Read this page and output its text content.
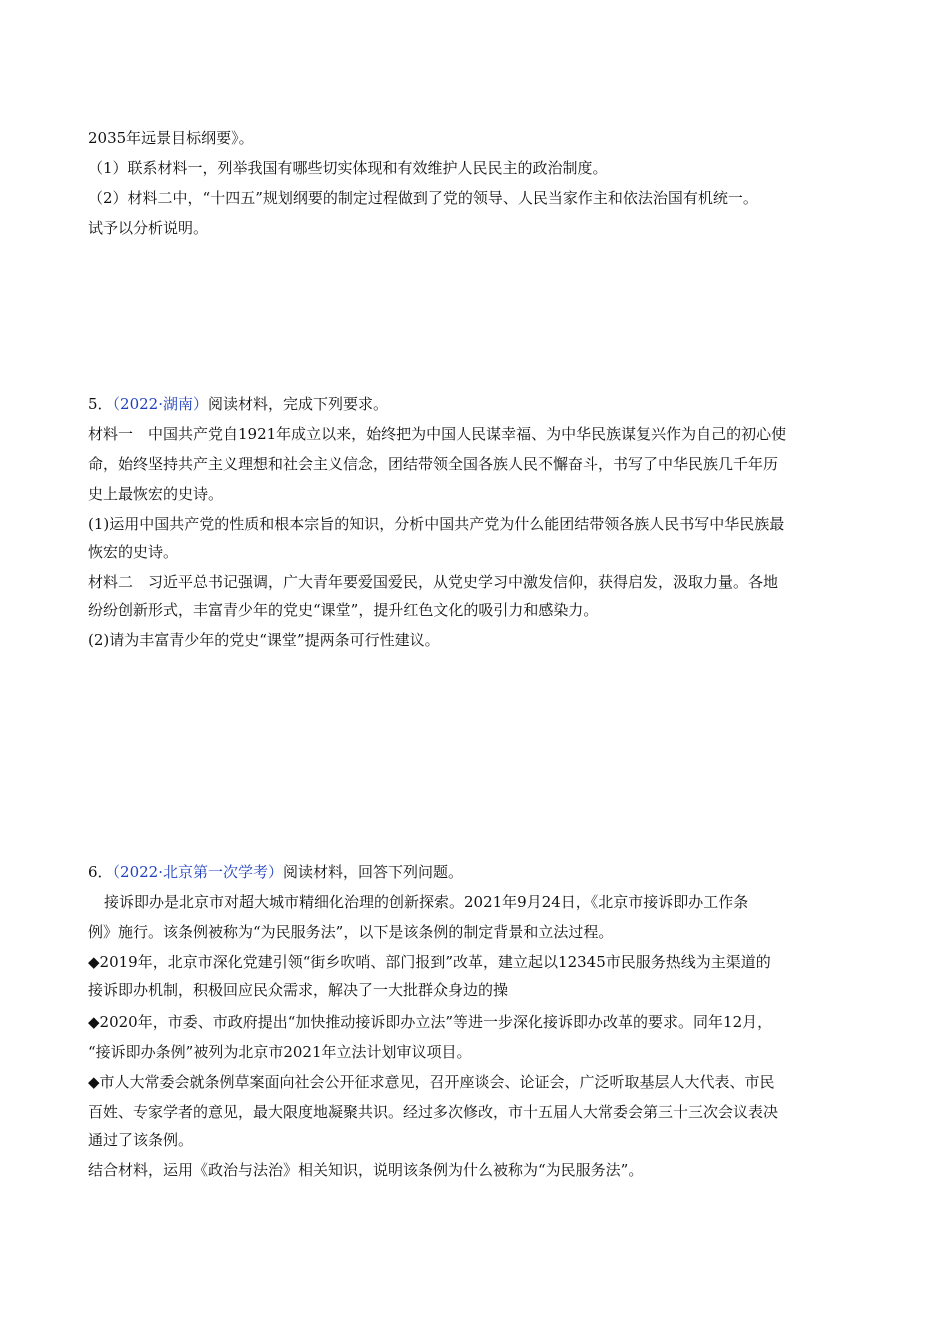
2035年远景目标纲要》。
（1）联系材料一，列举我国有哪些切实体现和有效维护人民民主的政治制度。
（2）材料二中，“十四五”规划纲要的制定过程做到了党的领导、人民当家作主和依法治国有机统一。
试予以分析说明。
5．（2022·湖南）阅读材料，完成下列要求。
材料一　中国共产党自1921年成立以来，始终把为中国人民谋幸福、为中华民族谋复兴作为自己的初心使
命，始终坚持共产主义理想和社会主义信念，团结带领全国各族人民不懈奋斗，书写了中华民族几千年历
史上最恢宏的史诗。
(1)运用中国共产党的性质和根本宗旨的知识，分析中国共产党为什么能团结带领各族人民书写中华民族最
恢宏的史诗。
材料二　习近平总书记强调，广大青年要爱国爱民，从党史学习中激发信仰，获得启发，汲取力量。各地
纷纷创新形式，丰富青少年的党史“课堂”，提升红色文化的吸引力和感染力。
(2)请为丰富青少年的党史“课堂”提两条可行性建议。
6．（2022·北京第一次学考）阅读材料，回答下列问题。
接诉即办是北京市对超大城市精细化治理的创新探索。2021年9月24日，《北京市接诉即办工作条
例》施行。该条例被称为“为民服务法”，以下是该条例的制定背景和立法过程。
◆2019年，北京市深化党建引领“街乡吹哨、部门报到”改革，建立起以12345市民服务热线为主渠道的
接诉即办机制，积极回应民众需求，解决了一大批群众身边的操
◆2020年，市委、市政府提出“加快推动接诉即办立法”等进一步深化接诉即办改革的要求。同年12月，
“接诉即办条例”被列为北京市2021年立法计划审议项目。
◆市人大常委会就条例草案面向社会公开征求意见，召开座谈会、论证会，广泛听取基层人大代表、市民
百姓、专家学者的意见，最大限度地凝聚共识。经过多次修改，市十五届人大常委会第三十三次会议表决
通过了该条例。
结合材料，运用《政治与法治》相关知识，说明该条例为什么被称为“为民服务法”。
